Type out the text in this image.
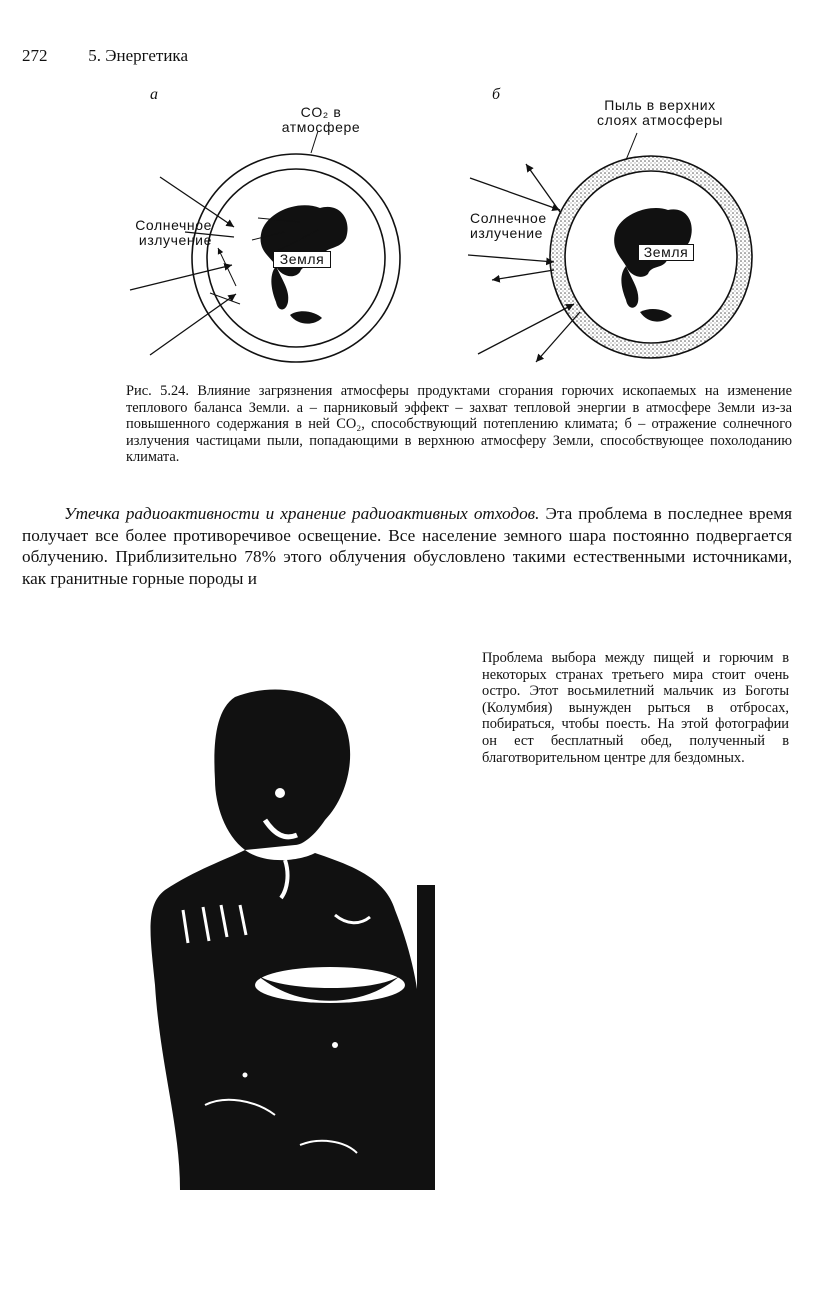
272 5. Энергетика
а
CO₂ в
атмосфере
Солнечное
излучение
Земля
б
Пыль в верхних
слоях атмосферы
Солнечное
излучение
Земля
Рис. 5.24. Влияние загрязнения атмосферы продуктами сгорания горючих ископаемых на изменение теплового баланса Земли. а – парниковый эффект – захват тепловой энергии в атмосфере Земли из-за повышенного содержания в ней CO₂, способствующий потеплению климата; б – отражение солнечного излучения частицами пыли, попадающими в верхнюю атмосферу Земли, способствующее похолоданию климата.
Утечка радиоактивности и хранение радиоактивных отходов. Эта проблема в последнее время получает все более противоречивое освещение. Все население земного шара постоянно подвергается облучению. Приблизительно 78% этого облучения обусловлено такими естественными источниками, как гранитные горные породы и
Проблема выбора между пищей и горючим в некоторых странах третьего мира стоит очень остро. Этот восьмилетний мальчик из Боготы (Колумбия) вынужден рыться в отбросах, побираться, чтобы поесть. На этой фотографии он ест бесплатный обед, полученный в благотворительном центре для бездомных.
